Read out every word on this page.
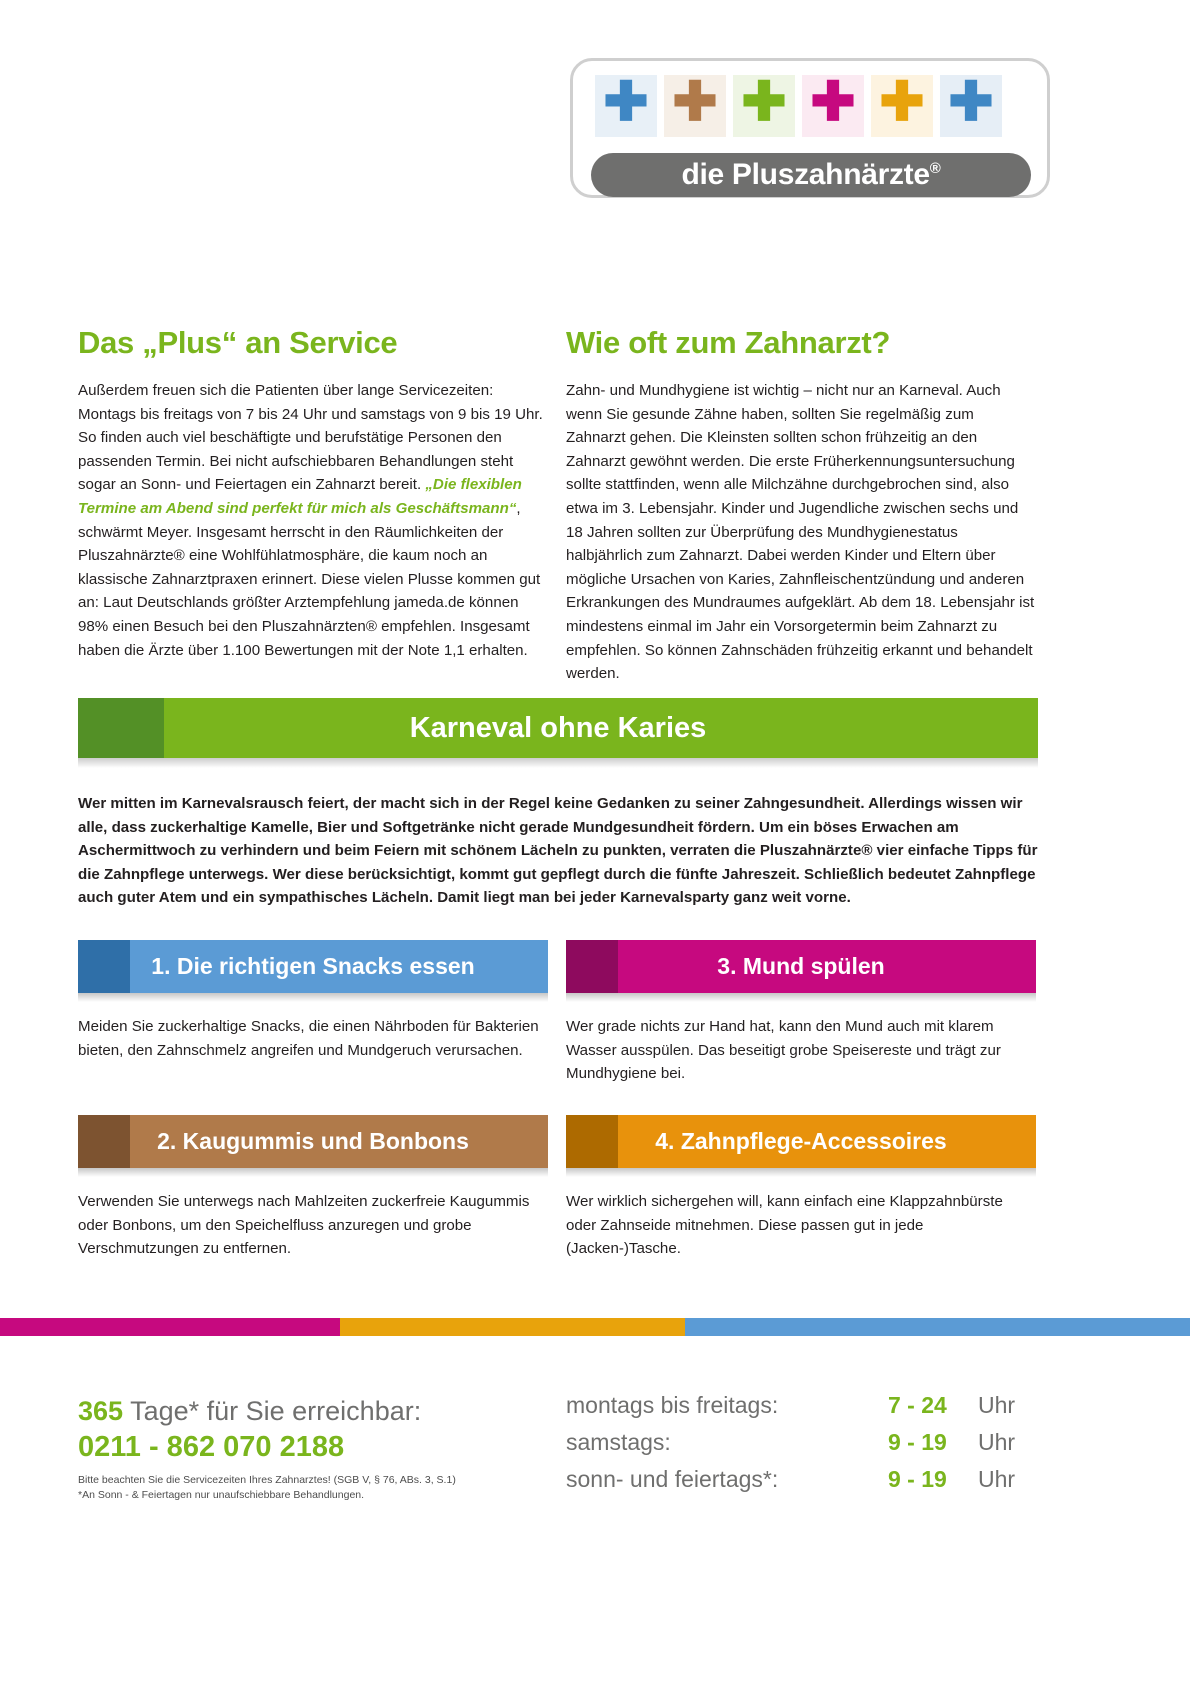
✚ ✚ ✚ ✚ ✚ ✚
die Pluszahnärzte®
Das „Plus“ an Service

Außerdem freuen sich die Patienten über lange Servicezeiten: Montags bis freitags von 7 bis 24 Uhr und samstags von 9 bis 19 Uhr. So finden auch viel beschäftigte und berufstätige Personen den passenden Termin. Bei nicht aufschiebbaren Behandlungen steht sogar an Sonn- und Feiertagen ein Zahnarzt bereit. „Die flexiblen Termine am Abend sind perfekt für mich als Geschäftsmann“, schwärmt Meyer. Insgesamt herrscht in den Räumlichkeiten der Pluszahnärzte® eine Wohlfühlatmosphäre, die kaum noch an klassische Zahnarztpraxen erinnert. Diese vielen Plusse kommen gut an: Laut Deutschlands größter Arztempfehlung jameda.de können 98% einen Besuch bei den Pluszahnärzten® empfehlen. Insgesamt haben die Ärzte über 1.100 Bewertungen mit der Note 1,1 erhalten.

Wie oft zum Zahnarzt?

Zahn- und Mundhygiene ist wichtig – nicht nur an Karneval. Auch wenn Sie gesunde Zähne haben, sollten Sie regelmäßig zum Zahnarzt gehen. Die Kleinsten sollten schon frühzeitig an den Zahnarzt gewöhnt werden. Die erste Früherkennungsuntersuchung sollte stattfinden, wenn alle Milchzähne durchgebrochen sind, also etwa im 3. Lebensjahr. Kinder und Jugendliche zwischen sechs und 18 Jahren sollten zur Überprüfung des Mundhygienestatus halbjährlich zum Zahnarzt. Dabei werden Kinder und Eltern über mögliche Ursachen von Karies, Zahnfleischentzündung und anderen Erkrankungen des Mundraumes aufgeklärt. Ab dem 18. Lebensjahr ist mindestens einmal im Jahr ein Vorsorgetermin beim Zahnarzt zu empfehlen. So können Zahnschäden frühzeitig erkannt und behandelt werden.

Karneval ohne Karies
Wer mitten im Karnevalsrausch feiert, der macht sich in der Regel keine Gedanken zu seiner Zahngesundheit. Allerdings wissen wir alle, dass zuckerhaltige Kamelle, Bier und Softgetränke nicht gerade Mundgesundheit fördern. Um ein böses Erwachen am Aschermittwoch zu verhindern und beim Feiern mit schönem Lächeln zu punkten, verraten die Pluszahnärzte® vier einfache Tipps für die Zahnpflege unterwegs. Wer diese berücksichtigt, kommt gut gepflegt durch die fünfte Jahreszeit. Schließlich bedeutet Zahnpflege auch guter Atem und ein sympathisches Lächeln. Damit liegt man bei jeder Karnevalsparty ganz weit vorne.
1. Die richtigen Snacks essen
Meiden Sie zuckerhaltige Snacks, die einen Nährboden für Bakterien bieten, den Zahnschmelz angreifen und Mundgeruch verursachen.
3. Mund spülen
Wer grade nichts zur Hand hat, kann den Mund auch mit klarem Wasser ausspülen. Das beseitigt grobe Speisereste und trägt zur Mundhygiene bei.
2. Kaugummis und Bonbons
Verwenden Sie unterwegs nach Mahlzeiten zuckerfreie Kaugummis oder Bonbons, um den Speichelfluss anzuregen und grobe Verschmutzungen zu entfernen.
4. Zahnpflege-Accessoires
Wer wirklich sichergehen will, kann einfach eine Klappzahnbürste oder Zahnseide mitnehmen. Diese passen gut in jede (Jacken-)Tasche.
365 Tage* für Sie erreichbar:
0211 - 862 070 2188
Bitte beachten Sie die Servicezeiten Ihres Zahnarztes! (SGB V, § 76, ABs. 3, S.1)
*An Sonn - & Feiertagen nur unaufschiebbare Behandlungen.
montags bis freitags:	7 - 24	Uhr
samstags:	9 - 19	Uhr
sonn- und feiertags*:	9 - 19	Uhr
